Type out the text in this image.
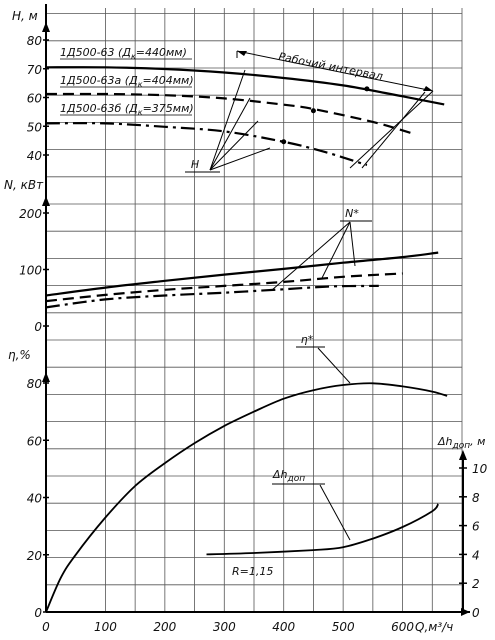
0	100	200	300	400	500	600 Q,м³/ч
40
50
60
70
80
0
100
200
0
20
40
60
80
H, м
N, кВт
η,%
0
2
4
6
8
10
$\Delta h_{доп}$, м
1Д500-63 $(Д_к=440мм)$
1Д500-63а $(Д_к=404мм)$
1Д500-63б $(Д_к=375мм)$
Рабочий интервал
H
N*
η*
$\Delta h_{доп}$
R=1,15
